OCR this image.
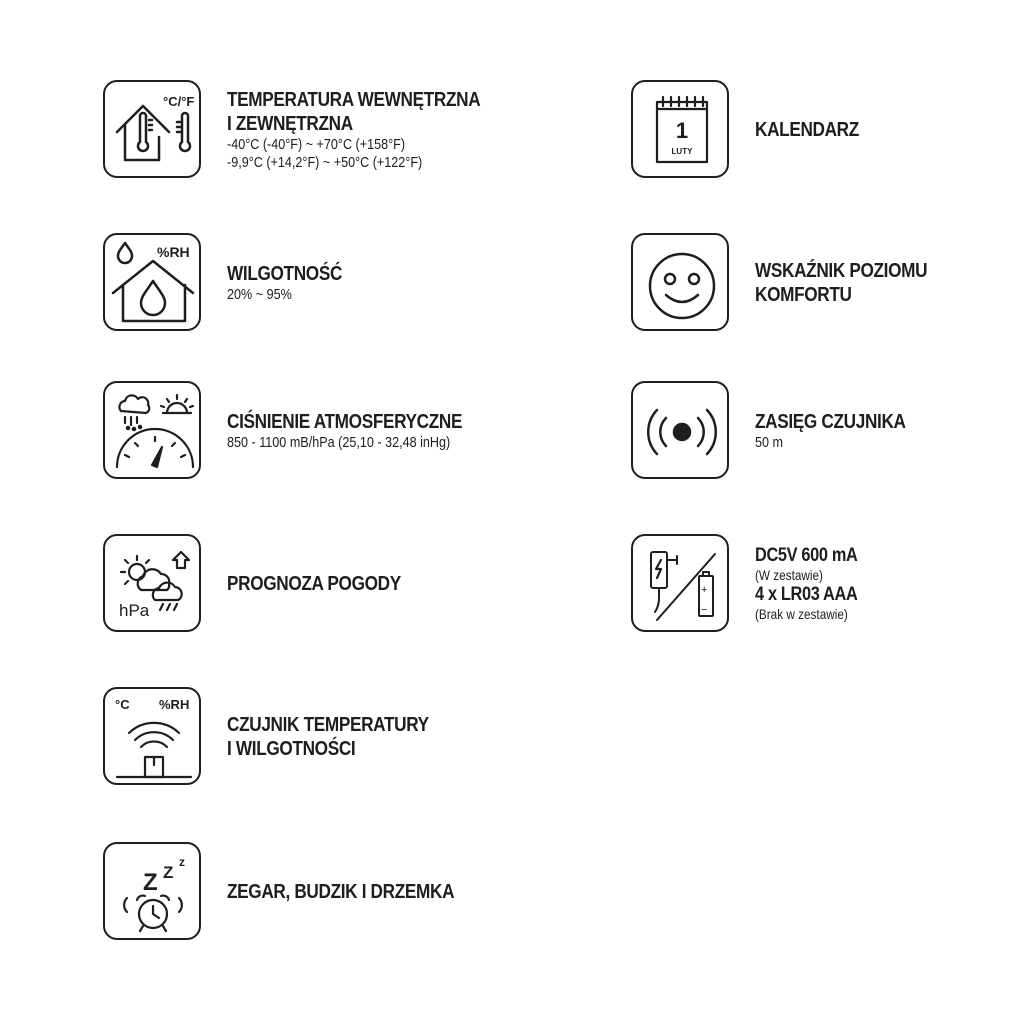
°C/°F TEMPERATURA WEWNĘTRZNA
I ZEWNĘTRZNA
-40°C (-40°F) ~ +70°C (+158°F)
-9,9°C (+14,2°F) ~ +50°C (+122°F)
%RH
WILGOTNOŚĆ
20% ~ 95%
CIŚNIENIE ATMOSFERYCZNE
850 - 1100 mB/hPa (25,10 - 32,48 inHg)
hPa
PROGNOZA POGODY
°C %RH
CZUJNIK TEMPERATURY
I WILGOTNOŚCI
Z Z
z
ZEGAR, BUDZIK I DRZEMKA
1
LUTY
KALENDARZ
WSKAŹNIK POZIOMU
KOMFORTU
ZASIĘG CZUJNIKA
50 m
+
−
DC5V 600 mA
(W zestawie)
4 x LR03 AAA
(Brak w zestawie)
